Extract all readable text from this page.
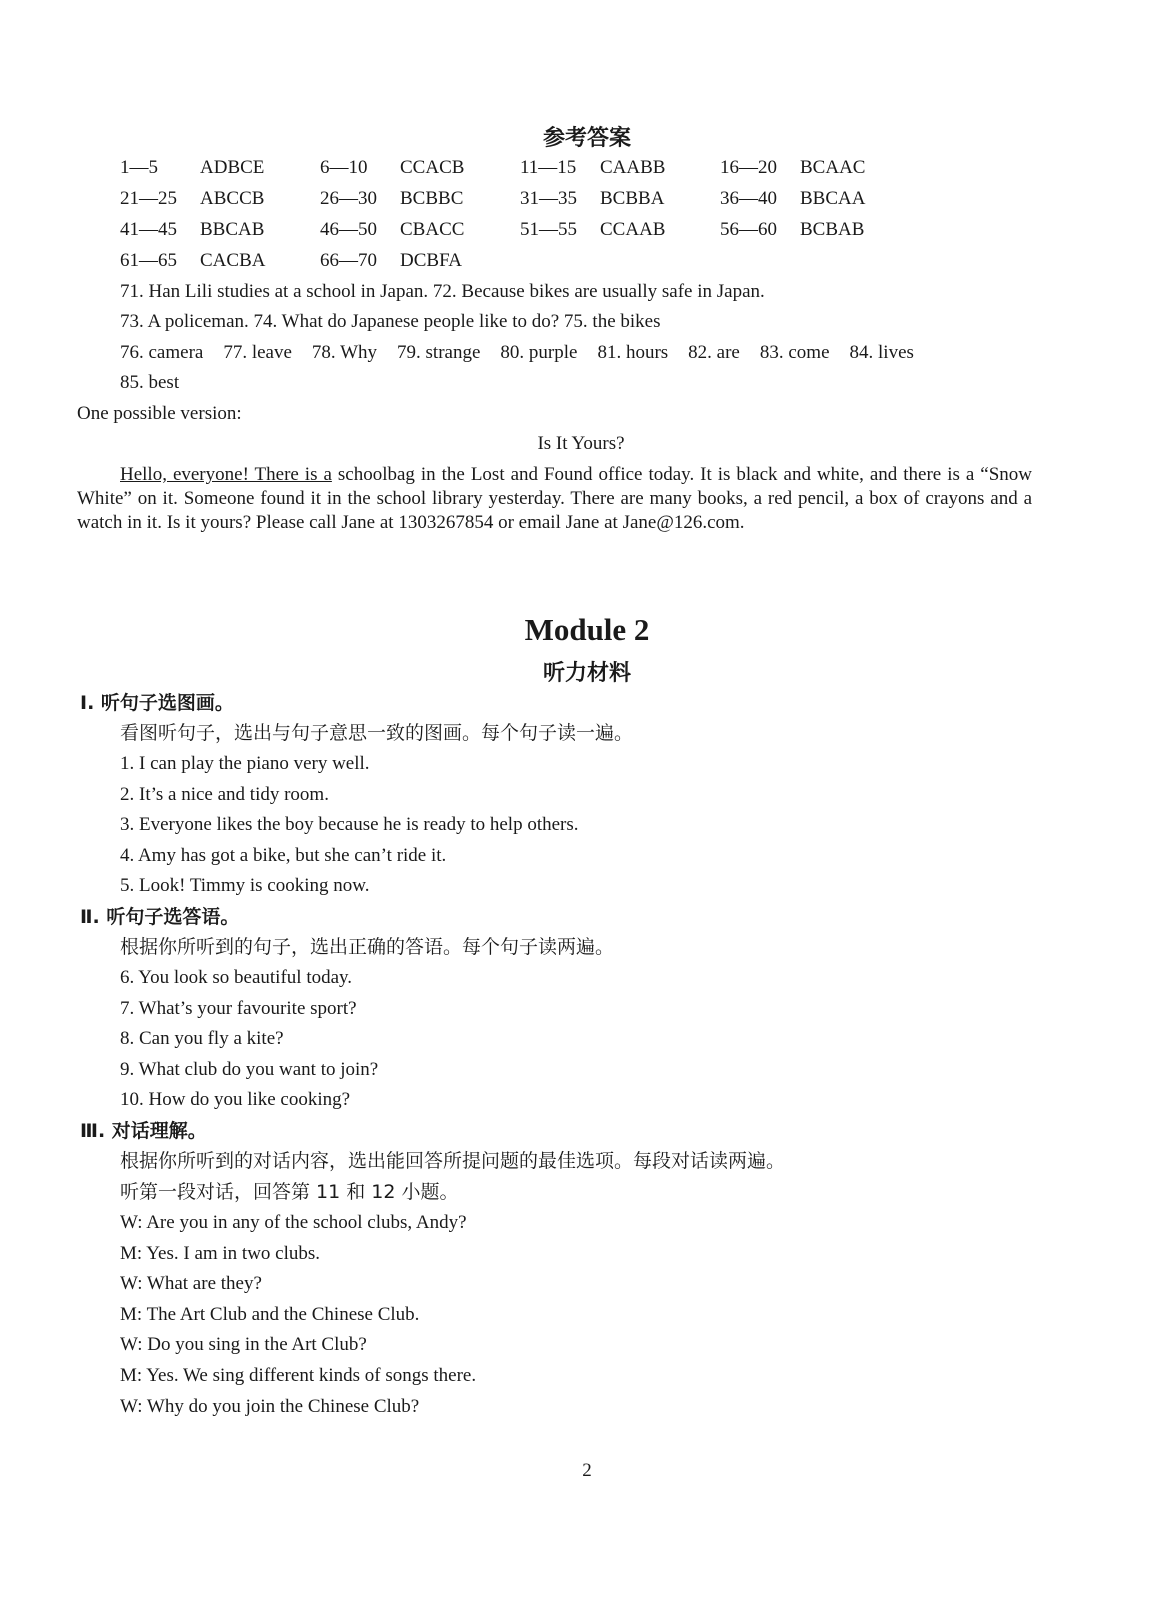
参考答案
1—5 ADBCE	6—10 CCACB	11—15 CAABB	16—20 BCAAC
21—25 ABCCB	26—30 BCBBC	31—35 BCBBA	36—40 BBCAA
41—45 BBCAB	46—50 CBACC	51—55 CCAAB	56—60 BCBAB
61—65 CACBA	66—70 DCBFA
71. Han Lili studies at a school in Japan. 72. Because bikes are usually safe in Japan.
73. A policeman. 74. What do Japanese people like to do? 75. the bikes
76. camera 77. leave 78. Why 79. strange 80. purple 81. hours 82. are 83. come 84. lives
85. best
One possible version:
Is It Yours?
Hello, everyone! There is a schoolbag in the Lost and Found office today. It is black and white, and there is a “Snow White” on it. Someone found it in the school library yesterday. There are many books, a red pencil, a box of crayons and a watch in it. Is it yours? Please call Jane at 1303267854 or email Jane at Jane@126.com.
Module 2
听力材料
Ⅰ. 听句子选图画。
看图听句子，选出与句子意思一致的图画。每个句子读一遍。
1. I can play the piano very well.
2. It’s a nice and tidy room.
3. Everyone likes the boy because he is ready to help others.
4. Amy has got a bike, but she can’t ride it.
5. Look! Timmy is cooking now.
Ⅱ. 听句子选答语。
根据你所听到的句子，选出正确的答语。每个句子读两遍。
6. You look so beautiful today.
7. What’s your favourite sport?
8. Can you fly a kite?
9. What club do you want to join?
10. How do you like cooking?
Ⅲ. 对话理解。
根据你所听到的对话内容，选出能回答所提问题的最佳选项。每段对话读两遍。
听第一段对话，回答第 11 和 12 小题。
W: Are you in any of the school clubs, Andy?
M: Yes. I am in two clubs.
W: What are they?
M: The Art Club and the Chinese Club.
W: Do you sing in the Art Club?
M: Yes. We sing different kinds of songs there.
W: Why do you join the Chinese Club?
2
